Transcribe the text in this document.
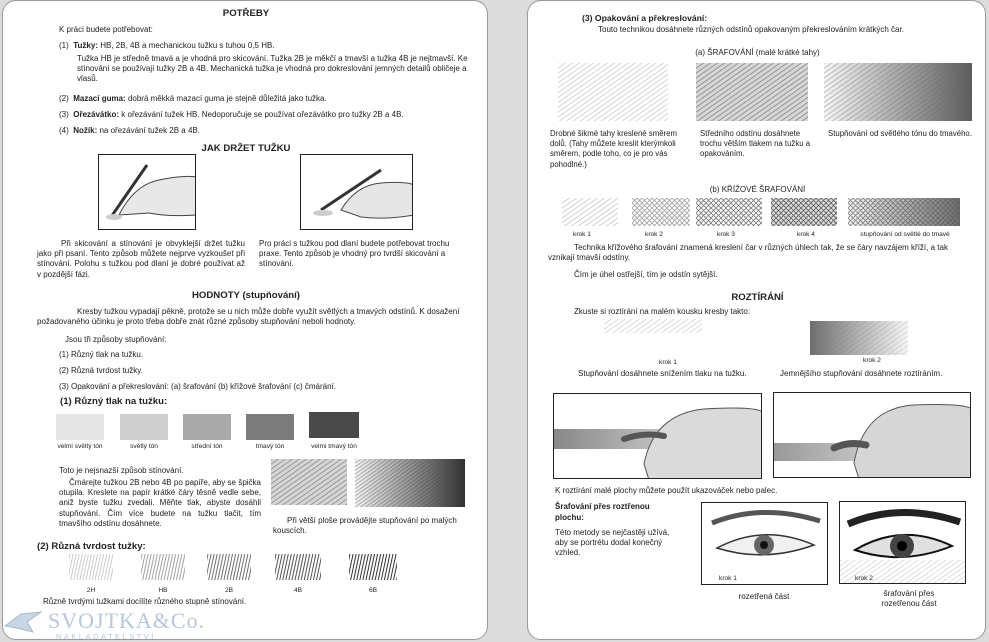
POTŘEBY
K práci budete potřebovat:
(1) Tužky: HB, 2B, 4B a mechanickou tužku s tuhou 0,5 HB.
Tužka HB je středně tmavá a je vhodná pro skicování. Tužka 2B je měkčí a tmavší a tužka 4B je nejtmavší. Ke stínování se používají tužky 2B a 4B. Mechanická tužka je vhodná pro dokreslování jemných detailů obličeje a vlasů.
(2) Mazací guma: dobrá měkká mazací guma je stejně důležitá jako tužka.
(3) Ořezávátko: k ořezávání tužek HB. Nedoporučuje se používat ořezávátko pro tužky 2B a 4B.
(4) Nožík: na ořezávání tužek 2B a 4B.
JAK DRŽET TUŽKU
Při skicování a stínování je obvyklejší držet tužku jako při psaní. Tento způsob můžete nejprve vyzkoušet při stínování. Polohu s tužkou pod dlaní je dobré používat až v pozdější fázi.
Pro práci s tužkou pod dlaní budete potřebovat trochu praxe. Tento způsob je vhodný pro tvrdší skicování a stínování.
HODNOTY (stupňování)
Kresby tužkou vypadají pěkně, protože se u nich může dobře využít světlých a tmavých odstínů. K dosažení požadovaného účinku je proto třeba dobře znát různé způsoby stupňování neboli hodnoty.
Jsou tři způsoby stupňování:
(1) Různý tlak na tužku.
(2) Různá tvrdost tužky.
(3) Opakování a překreslování: (a) šrafování (b) křížové šrafování (c) čmárání.
(1) Různý tlak na tužku:
velmi světlý tón	světlý tón	střední tón	tmavý tón	velmi tmavý tón
Toto je nejsnazší způsob stínování.
Čmárejte tužkou 2B nebo 4B po papíře, aby se špička otupila. Kreslete na papír krátké čáry těsně vedle sebe, aniž byste tužku zvedali. Měňte tlak, abyste dosáhli stupňování. Čím více budete na tužku tlačit, tím tmavšího odstínu dosáhnete.	Při větší ploše provádějte stupňování po malých kouscích.
(2) Různá tvrdost tužky:
2H	HB	2B	4B	6B
Různě tvrdými tužkami docílíte různého stupně stínování.
SVOJTKA&Co.
NAKLADATELSTVÍ
(3) Opakování a překreslování:
Touto technikou dosáhnete různých odstínů opakovaným překreslováním krátkých čar.
(a) ŠRAFOVÁNÍ (malé krátké tahy)
Drobné šikmé tahy kreslené směrem dolů. (Tahy můžete kreslit kterýmkoli směrem, podle toho, co je pro vás pohodlné.)
Středního odstínu dosáhnete trochu větším tlakem na tužku a opakováním.
Stupňování od světlého tónu do tmavého.
(b) KŘÍŽOVÉ ŠRAFOVÁNÍ
krok 1	krok 2	krok 3	krok 4	stupňování od světlé do tmavé
Technika křížového šrafování znamená kreslení čar v různých úhlech tak, že se čáry navzájem kříží, a tak vznikají tmavší odstíny.
Čím je úhel ostřejší, tím je odstín sytější.
ROZTÍRÁNÍ
Zkuste si roztírání na malém kousku kresby takto:
krok 1	krok 2
Stupňování dosáhnete snížením tlaku na tužku.	Jemnějšího stupňování dosáhnete roztíráním.
K roztírání malé plochy můžete použít ukazováček nebo palec.
Šrafování přes roztřenou plochu:
Této metody se nejčastěji užívá, aby se portrétu dodal konečný vzhled.
krok 1	krok 2
rozetřená část	šrafování přes rozetřenou část
